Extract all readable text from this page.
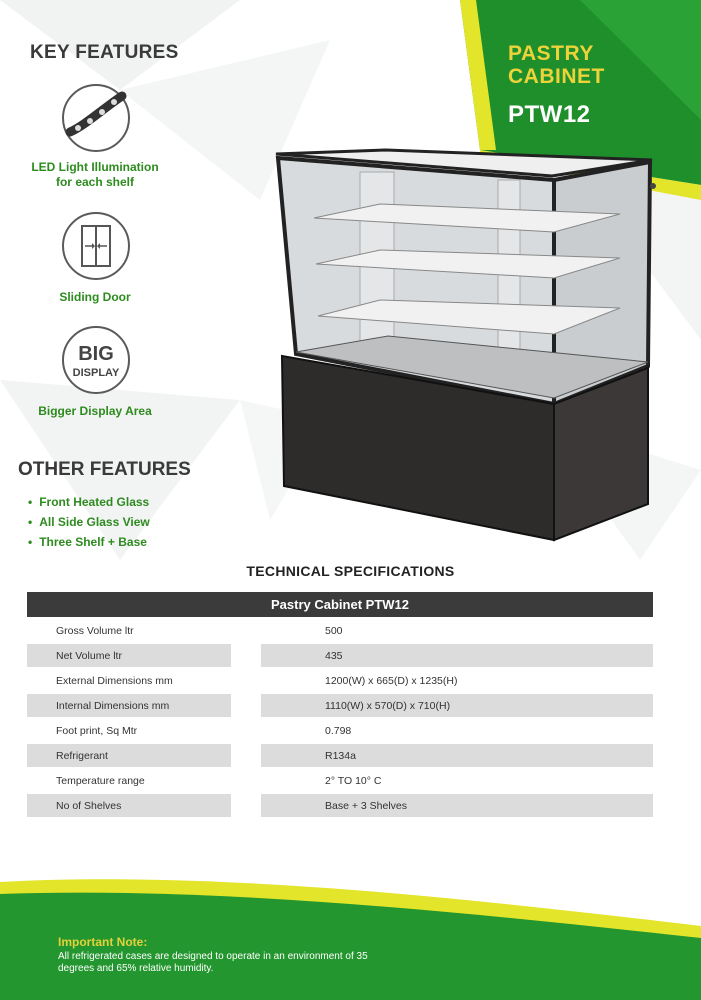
PASTRY
CABINET
PTW12
KEY FEATURES
LED Light Illumination
for each shelf
Sliding Door
BIG
DISPLAY
Bigger Display Area
OTHER FEATURES
• Front Heated Glass
• All Side Glass View
• Three Shelf + Base
TECHNICAL SPECIFICATIONS
Pastry Cabinet PTW12		
Gross Volume ltr		500
Net Volume ltr		435
External Dimensions mm		1200(W) x 665(D) x 1235(H)
Internal Dimensions mm		1110(W) x 570(D) x 710(H)
Foot print, Sq Mtr		0.798
Refrigerant		R134a
Temperature range		2° TO 10° C
No of Shelves		Base + 3 Shelves
Important Note:
All refrigerated cases are designed to operate in an environment of 35 degrees and 65% relative humidity.
